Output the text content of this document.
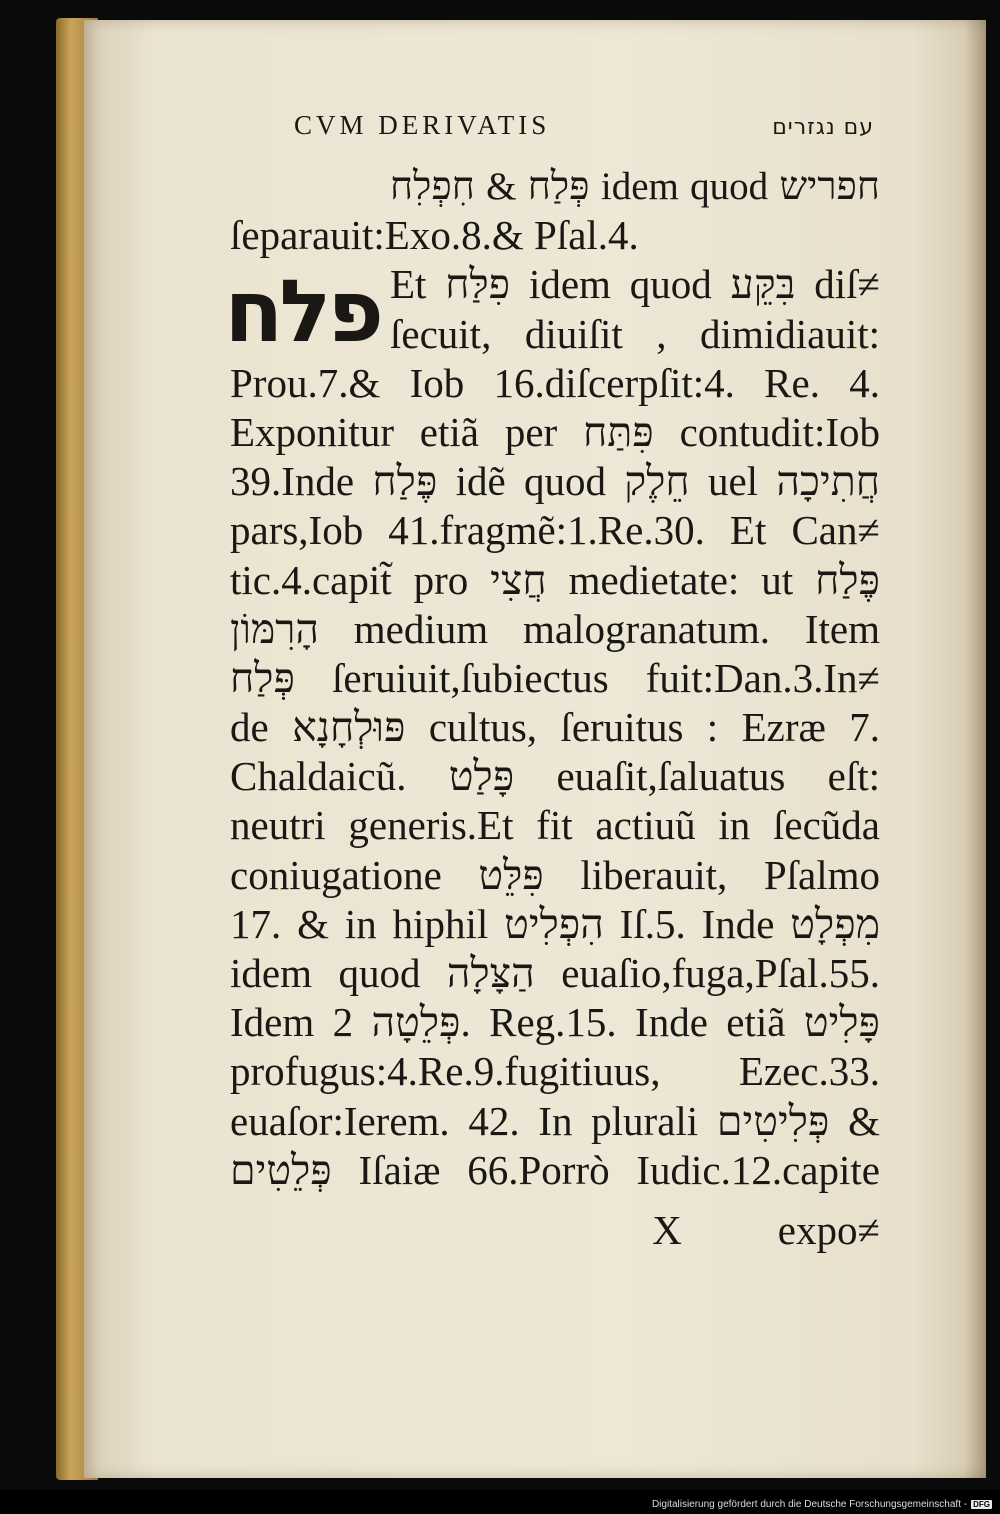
CVM DERIVATIS	עם נגזרים
פלח
פְּלַח & חִפְלִח idem quod חפריש
ſeparauit:Exo.8.& Pſal.4.
Et פִלַּח idem quod בִּקֵּע diſ≠
ſecuit, diuiſit , dimidiauit:
Prou.7.& Iob 16.diſcerpſit:4. Re. 4.
Exponitur etiã per פִּתַּח contudit:Iob
39.Inde פֶּלַח idẽ quod חֵלֶק uel חֲתִיכָה
pars,Iob 41.fragmẽ:1.Re.30. Et Can≠
tic.4.capit̃ pro חֲצִי medietate: ut פֶּלַח
הָרִמּוֹן medium malogranatum. Item
פְּלַח ſeruiuit,ſubiectus fuit:Dan.3.In≠
de פּוּלְחָנָא cultus, ſeruitus : Ezræ 7.
Chaldaicũ. פָּלַט euaſit,ſaluatus eſt:
neutri generis.Et fit actiuũ in ſecũda
coniugatione פִּלֵּט liberauit, Pſalmo
17. & in hiphil הִפְלִיט Iſ.5. Inde מִפְלָט
idem quod הַצָּלָה euaſio,fuga,Pſal.55.
Idem פְּלֵטָה 2. Reg.15. Inde etiã פָּלִיט
profugus:4.Re.9.fugitiuus, Ezec.33.
euaſor:Ierem. 42. In plurali פְּלִיטִים &
פְּלֵטִים Iſaiæ 66.Porrò Iudic.12.capite
X expo≠
Digitalisierung gefördert durch die Deutsche Forschungsgemeinschaft - DFG
